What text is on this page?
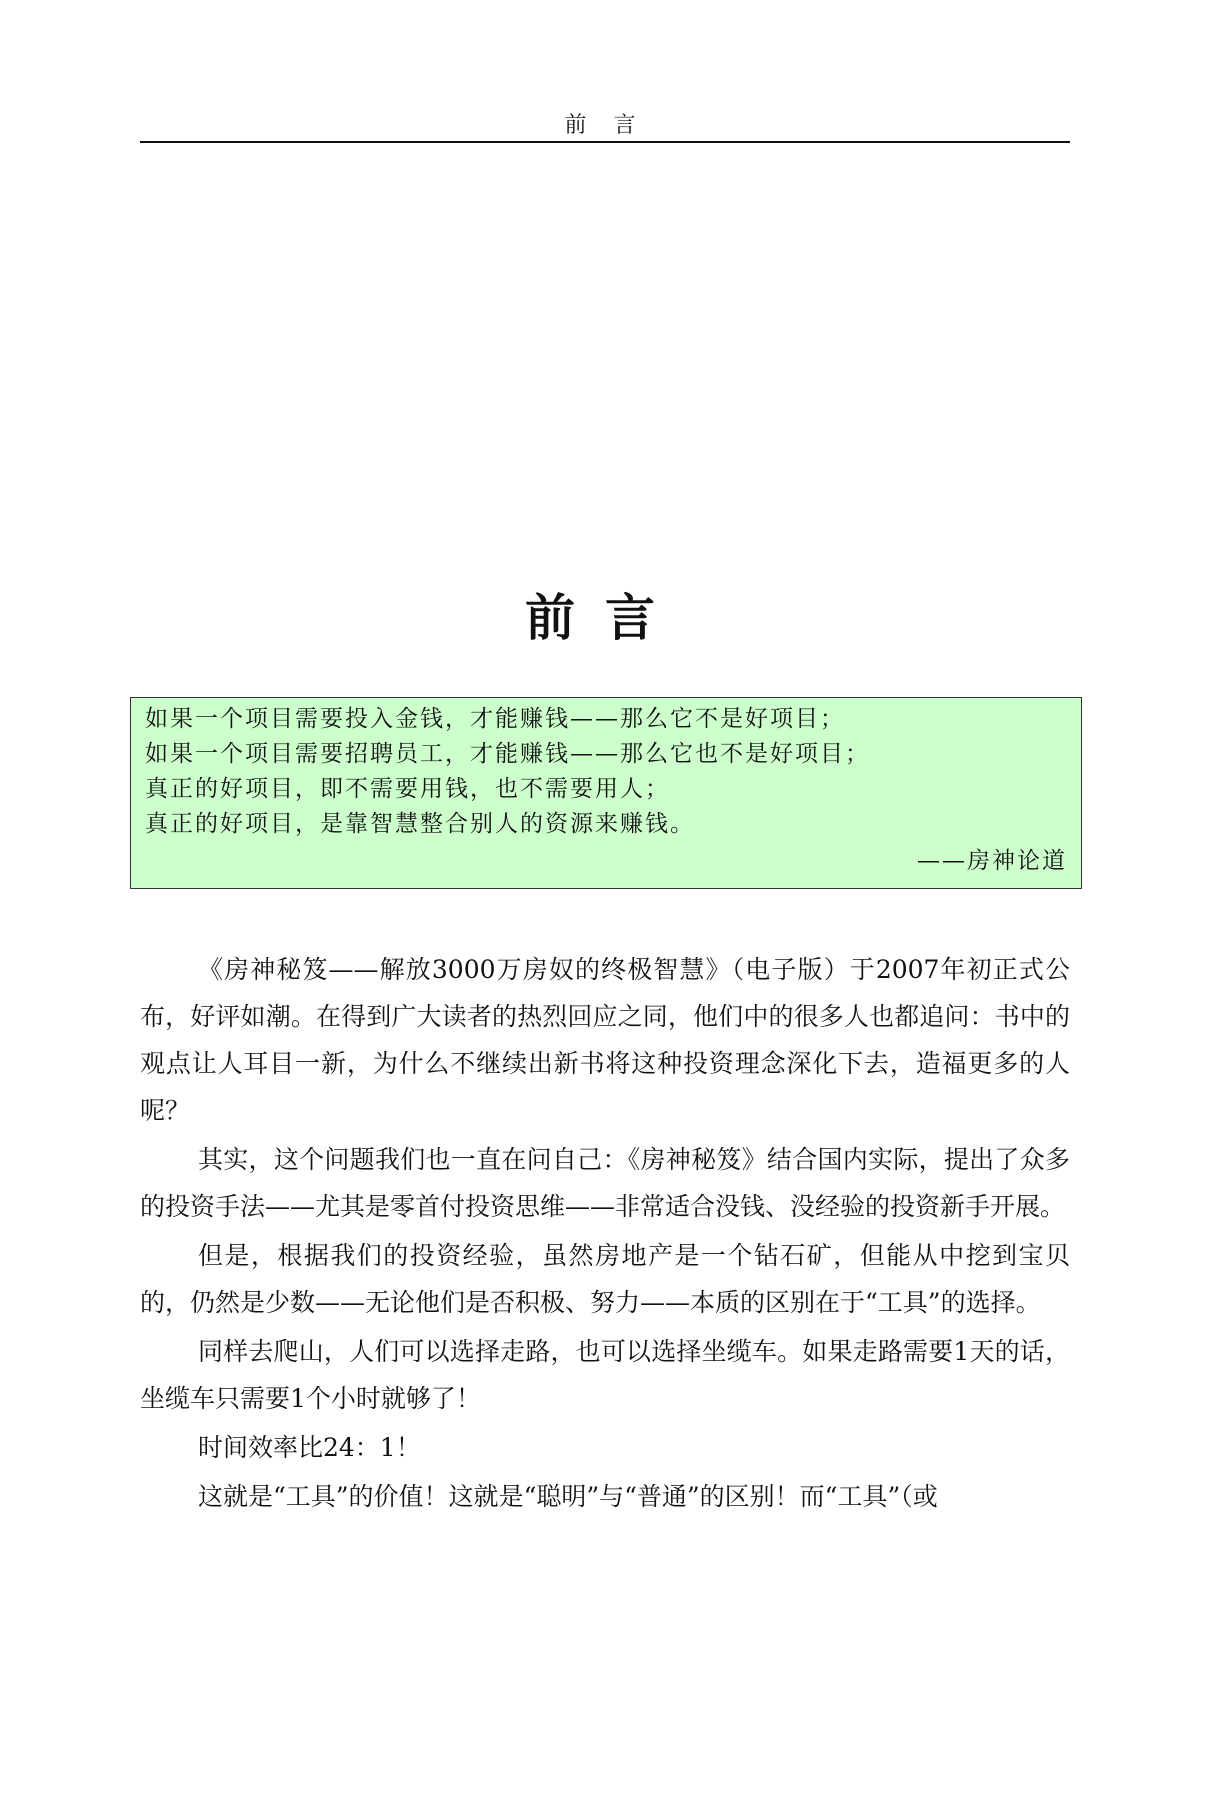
前 言
前言
如果一个项目需要投入金钱，才能赚钱——那么它不是好项目；
如果一个项目需要招聘员工，才能赚钱——那么它也不是好项目；
真正的好项目，即不需要用钱，也不需要用人；
真正的好项目，是靠智慧整合别人的资源来赚钱。
——房神论道

《房神秘笈——解放3000万房奴的终极智慧》（电子版）于2007年初正式公布，好评如潮。在得到广大读者的热烈回应之同，他们中的很多人也都追问：书中的观点让人耳目一新，为什么不继续出新书将这种投资理念深化下去，造福更多的人呢？

其实，这个问题我们也一直在问自己：《房神秘笈》结合国内实际，提出了众多的投资手法——尤其是零首付投资思维——非常适合没钱、没经验的投资新手开展。

但是，根据我们的投资经验，虽然房地产是一个钻石矿，但能从中挖到宝贝的，仍然是少数——无论他们是否积极、努力——本质的区别在于“工具”的选择。

同样去爬山，人们可以选择走路，也可以选择坐缆车。如果走路需要1天的话，坐缆车只需要1个小时就够了！

时间效率比24：1！

这就是“工具”的价值！这就是“聪明”与“普通”的区别！而“工具”（或
